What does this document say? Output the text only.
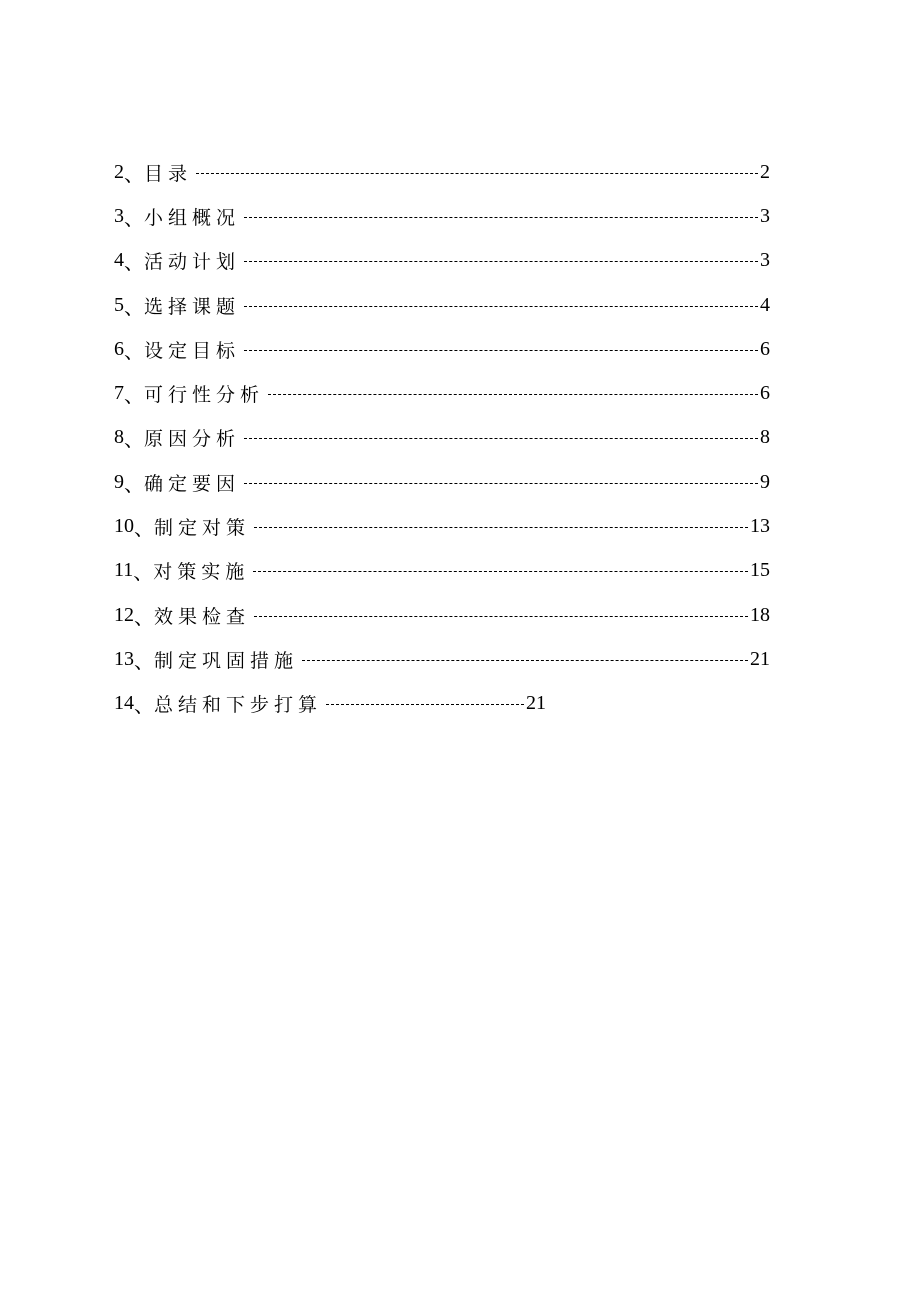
2 、 目录	2
3 、 小组概况	3
4 、 活动计划	3
5 、 选择课题	4
6 、 设定目标	6
7 、 可行性分析	6
8 、 原因分析	8
9 、 确定要因	9
10 、 制定对策	13
11 、 对策实施	15
12 、 效果检查	18
13 、 制定巩固措施	21
14 、 总结和下步打算	21
